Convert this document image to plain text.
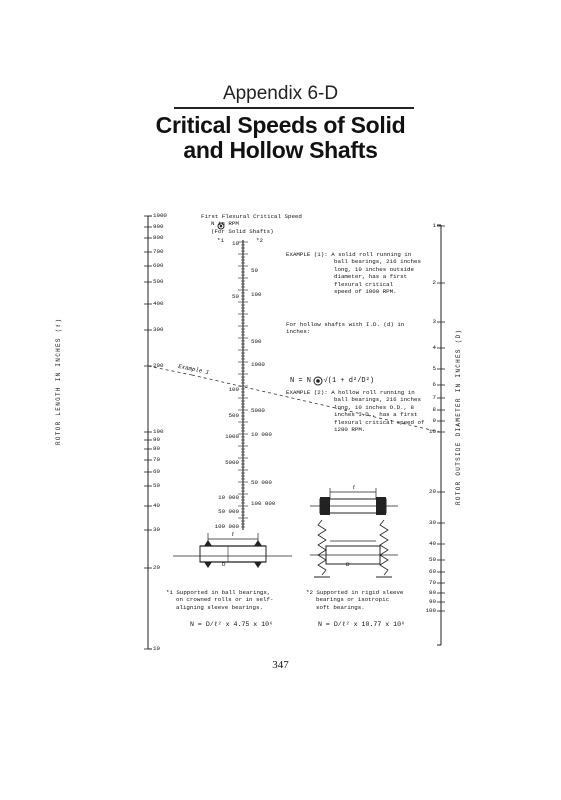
Appendix 6-D
Critical Speeds of Solid
and Hollow Shafts
First Flexural Critical Speed
N in RPM
(For Solid Shafts)
*1	*2
ROTOR LENGTH IN INCHES (ℓ)	ROTOR OUTSIDE DIAMETER IN INCHES (D)
1000
900
800
700
600
500
400
300
200
100
90
80
70
60
50
40
30
20
10
1
2
3
4
5
6
7
8
9
10
20
30
40
50
60
70
80
90
100
10
50
100
500
1000
5000
10 000
50 000
100 000
50
100
500
1000
5000
10 000
50 000
100 000
Example 1
EXAMPLE (1): A solid roll running in
ball bearings, 216 inches
long, 10 inches outside
diameter, has a first
flexural critical
speed of 1000 RPM.
For hollow shafts with I.D. (d) in
inches:
N = N · √(1 + d²/D²)
EXAMPLE (2): A hollow roll running in
ball bearings, 216 inches
long, 10 inches O.D., 8
inches I.D., has a first
flexural critical speed of
1280 RPM.
ℓ
D
ℓ
D
*1 Supported in ball bearings,
on crowned rolls or in self-
aligning sleeve bearings.
*2 Supported in rigid sleeve
bearings or isotropic
soft bearings.
N = D/ℓ² x 4.75 x 10⁶	N = D/ℓ² x 10.77 x 10⁶
347
